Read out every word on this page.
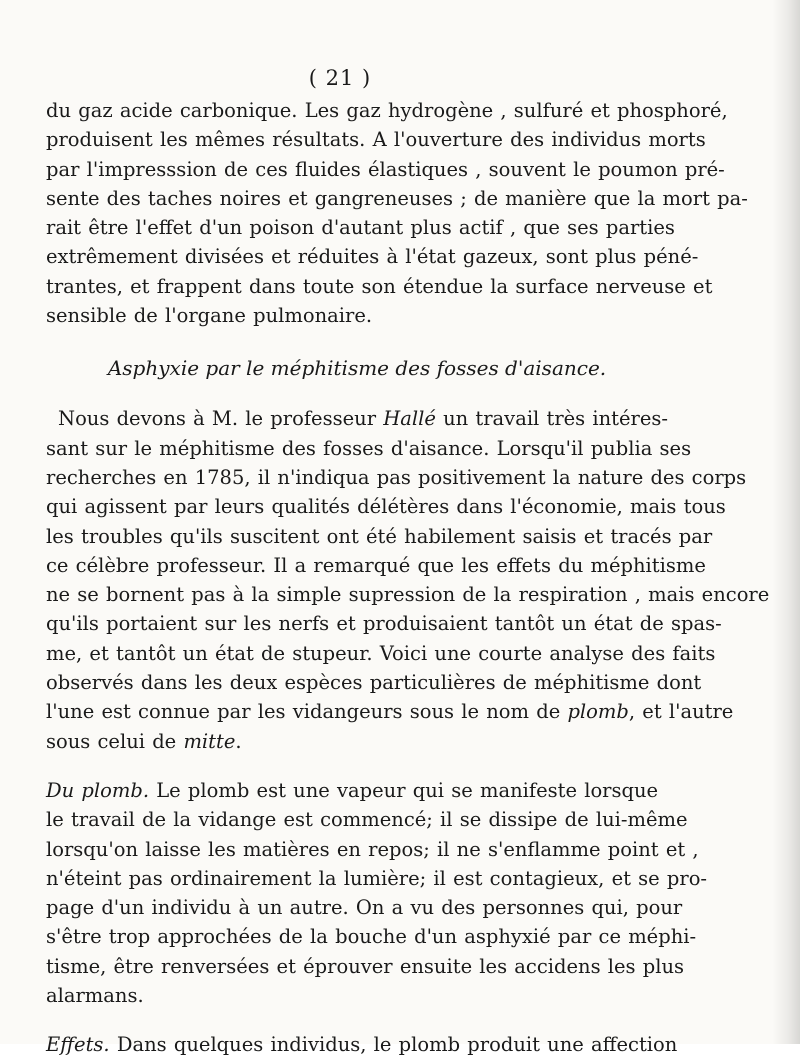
( 21 )
du gaz acide carbonique. Les gaz hydrogène , sulfuré et phosphoré,
produisent les mêmes résultats. A l'ouverture des individus morts
par l'impresssion de ces fluides élastiques , souvent le poumon pré-
sente des taches noires et gangreneuses ; de manière que la mort pa-
rait être l'effet d'un poison d'autant plus actif , que ses parties
extrêmement divisées et réduites à l'état gazeux, sont plus péné-
trantes, et frappent dans toute son étendue la surface nerveuse et
sensible de l'organe pulmonaire.
Asphyxie par le méphitisme des fosses d'aisance.
Nous devons à M. le professeur Hallé un travail très intéres-
sant sur le méphitisme des fosses d'aisance. Lorsqu'il publia ses
recherches en 1785, il n'indiqua pas positivement la nature des corps
qui agissent par leurs qualités délétères dans l'économie, mais tous
les troubles qu'ils suscitent ont été habilement saisis et tracés par
ce célèbre professeur. Il a remarqué que les effets du méphitisme
ne se bornent pas à la simple supression de la respiration , mais encore
qu'ils portaient sur les nerfs et produisaient tantôt un état de spas-
me, et tantôt un état de stupeur. Voici une courte analyse des faits
observés dans les deux espèces particulières de méphitisme dont
l'une est connue par les vidangeurs sous le nom de plomb, et l'autre
sous celui de mitte.
Du plomb. Le plomb est une vapeur qui se manifeste lorsque
le travail de la vidange est commencé; il se dissipe de lui-même
lorsqu'on laisse les matières en repos; il ne s'enflamme point et ,
n'éteint pas ordinairement la lumière; il est contagieux, et se pro-
page d'un individu à un autre. On a vu des personnes qui, pour
s'être trop approchées de la bouche d'un asphyxié par ce méphi-
tisme, être renversées et éprouver ensuite les accidens les plus
alarmans.
Effets. Dans quelques individus, le plomb produit une affection
